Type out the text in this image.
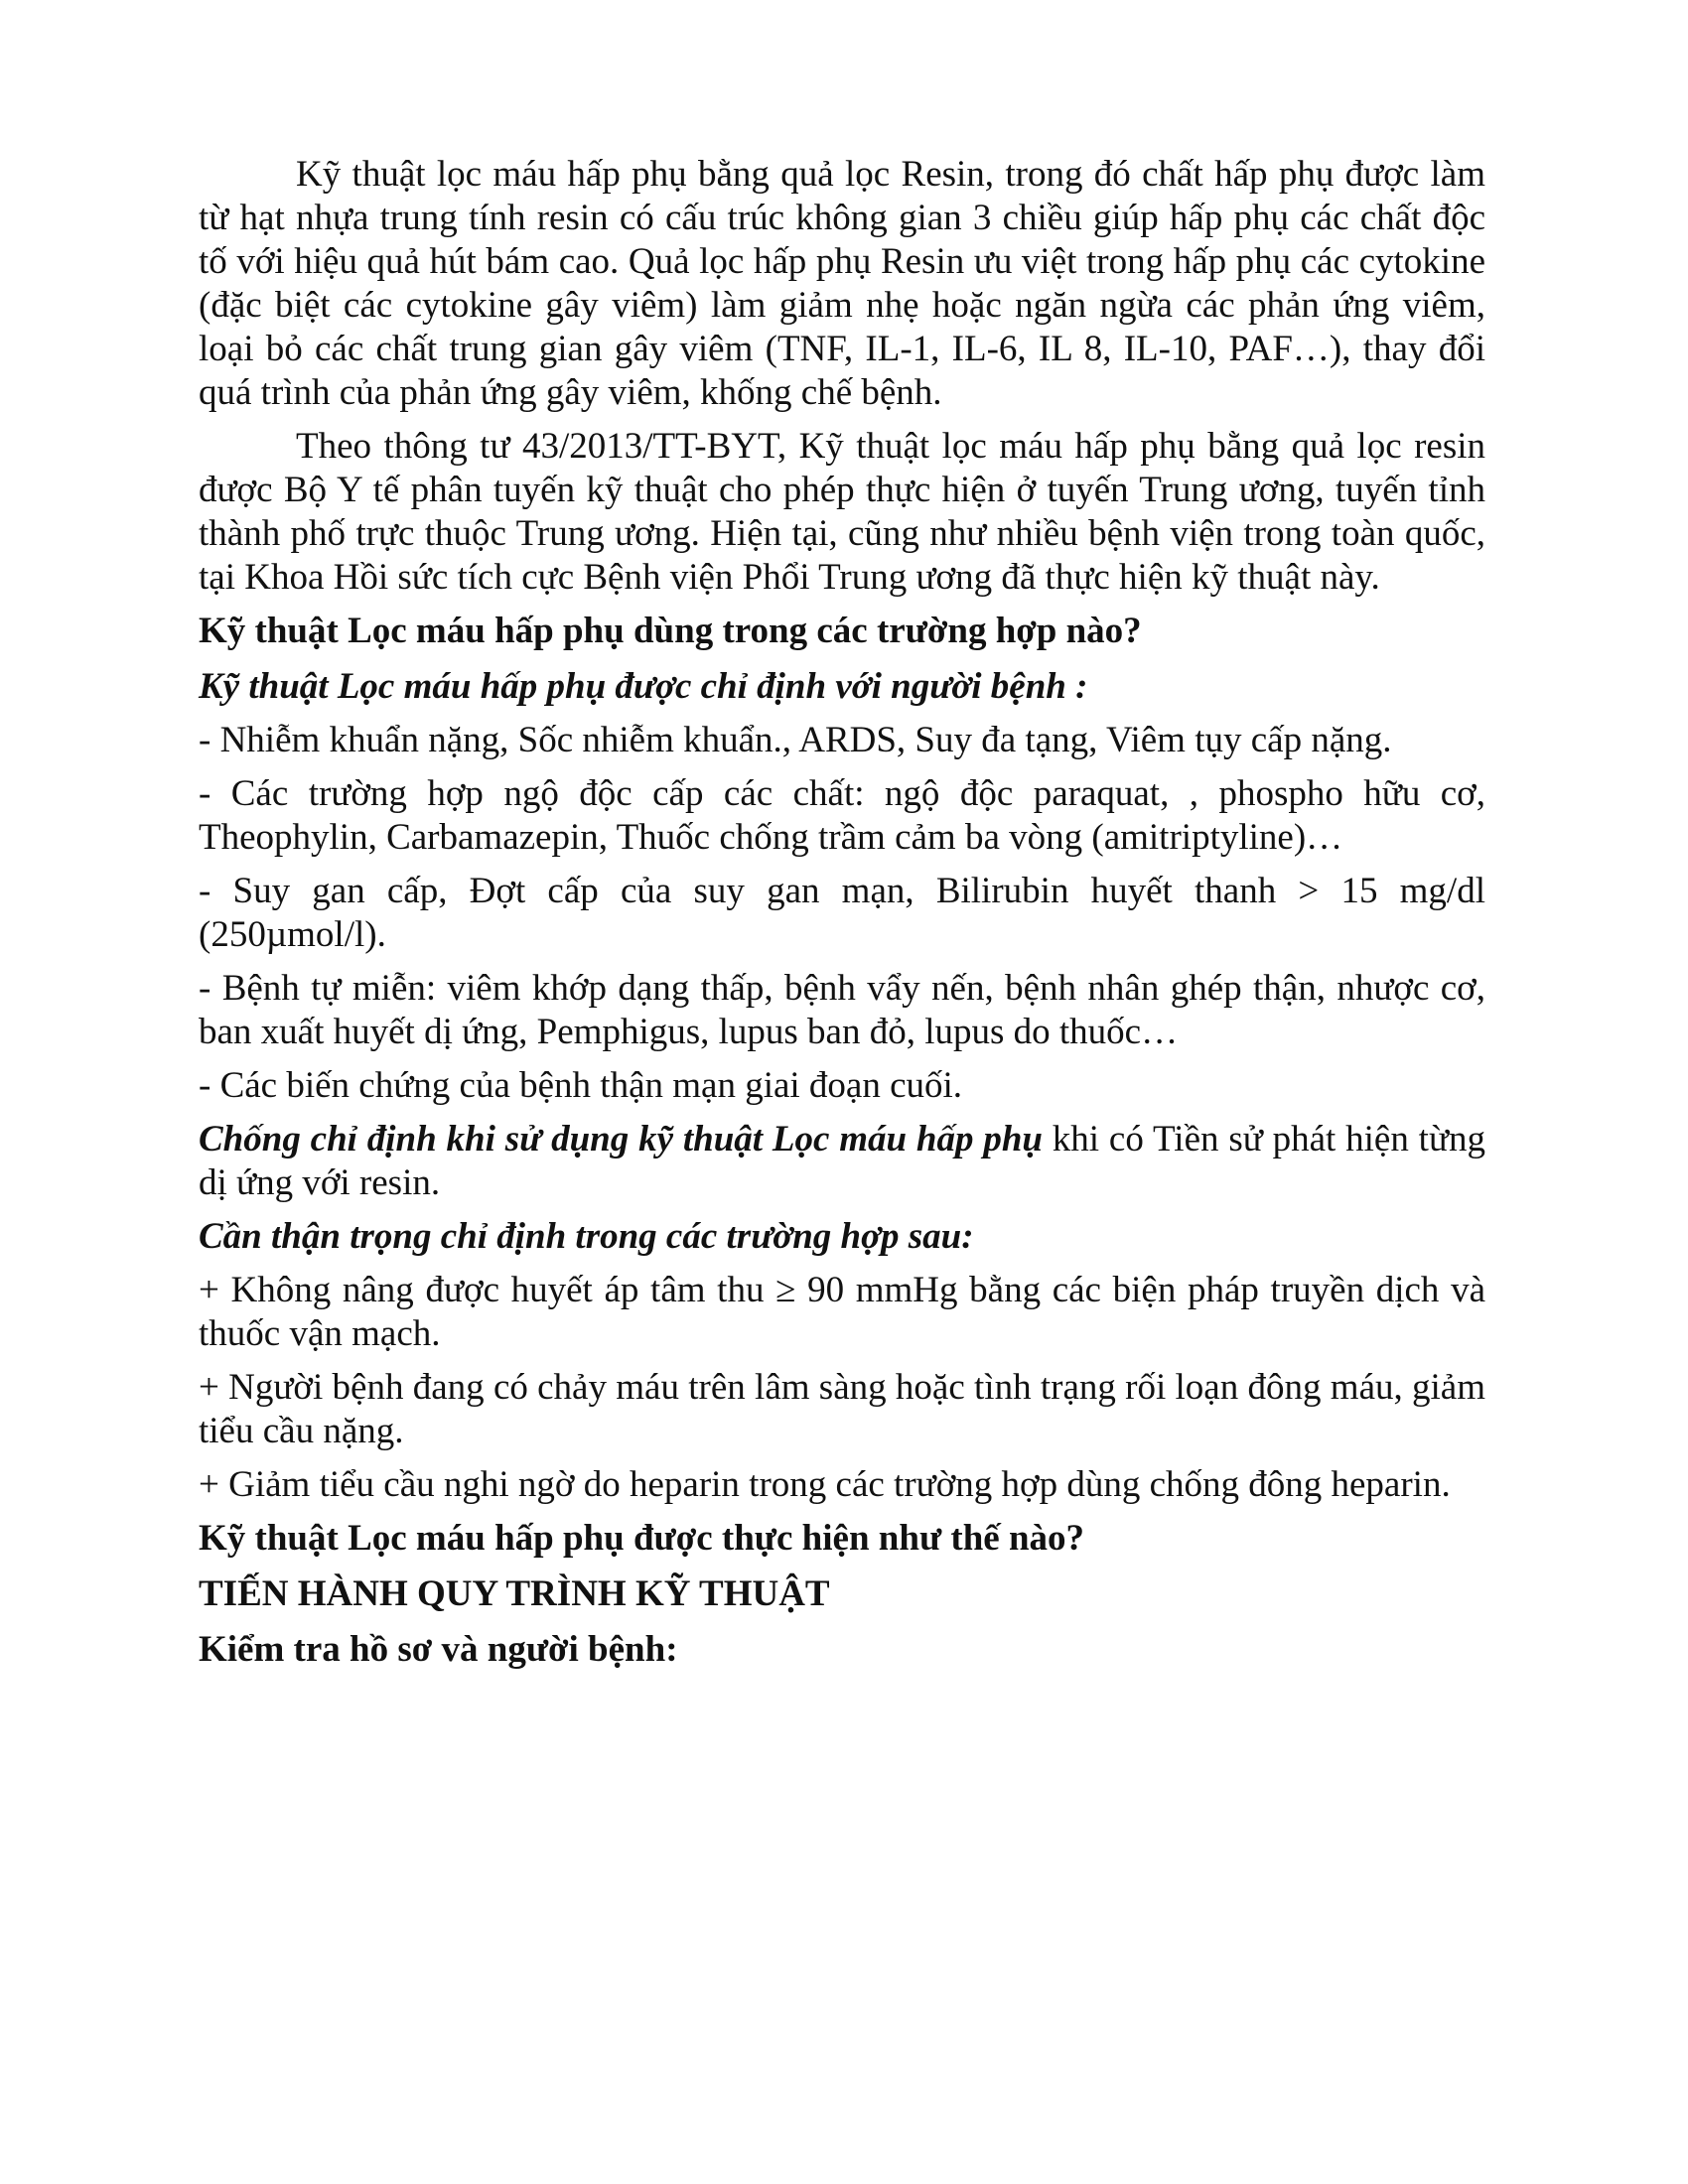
Kỹ thuật lọc máu hấp phụ bằng quả lọc Resin, trong đó chất hấp phụ được làm từ hạt nhựa trung tính resin có cấu trúc không gian 3 chiều giúp hấp phụ các chất độc tố với hiệu quả hút bám cao. Quả lọc hấp phụ Resin ưu việt trong hấp phụ các cytokine (đặc biệt các cytokine gây viêm) làm giảm nhẹ hoặc ngăn ngừa các phản ứng viêm, loại bỏ các chất trung gian gây viêm (TNF, IL-1, IL-6, IL 8, IL-10, PAF…), thay đổi quá trình của phản ứng gây viêm, khống chế bệnh.

Theo thông tư 43/2013/TT-BYT, Kỹ thuật lọc máu hấp phụ bằng quả lọc resin được Bộ Y tế phân tuyến kỹ thuật cho phép thực hiện ở tuyến Trung ương, tuyến tỉnh thành phố trực thuộc Trung ương. Hiện tại, cũng như nhiều bệnh viện trong toàn quốc, tại Khoa Hồi sức tích cực Bệnh viện Phổi Trung ương đã thực hiện kỹ thuật này.

Kỹ thuật Lọc máu hấp phụ dùng trong các trường hợp nào?

Kỹ thuật Lọc máu hấp phụ được chỉ định với người bệnh :

- Nhiễm khuẩn nặng, Sốc nhiễm khuẩn., ARDS, Suy đa tạng, Viêm tụy cấp nặng.

- Các trường hợp ngộ độc cấp các chất: ngộ độc paraquat, , phospho hữu cơ, Theophylin, Carbamazepin, Thuốc chống trầm cảm ba vòng (amitriptyline)…

- Suy gan cấp, Đợt cấp của suy gan mạn, Bilirubin huyết thanh > 15 mg/dl (250µmol/l).

- Bệnh tự miễn: viêm khớp dạng thấp, bệnh vẩy nến, bệnh nhân ghép thận, nhược cơ, ban xuất huyết dị ứng, Pemphigus, lupus ban đỏ, lupus do thuốc…

- Các biến chứng của bệnh thận mạn giai đoạn cuối.

Chống chỉ định khi sử dụng kỹ thuật Lọc máu hấp phụ khi có Tiền sử phát hiện từng dị ứng với resin.

Cần thận trọng chỉ định trong các trường hợp sau:

+ Không nâng được huyết áp tâm thu ≥ 90 mmHg bằng các biện pháp truyền dịch và thuốc vận mạch.

+ Người bệnh đang có chảy máu trên lâm sàng hoặc tình trạng rối loạn đông máu, giảm tiểu cầu nặng.

+ Giảm tiểu cầu nghi ngờ do heparin trong các trường hợp dùng chống đông heparin.

Kỹ thuật Lọc máu hấp phụ được thực hiện như thế nào?

TIẾN HÀNH QUY TRÌNH KỸ THUẬT

Kiểm tra hồ sơ và người bệnh:
